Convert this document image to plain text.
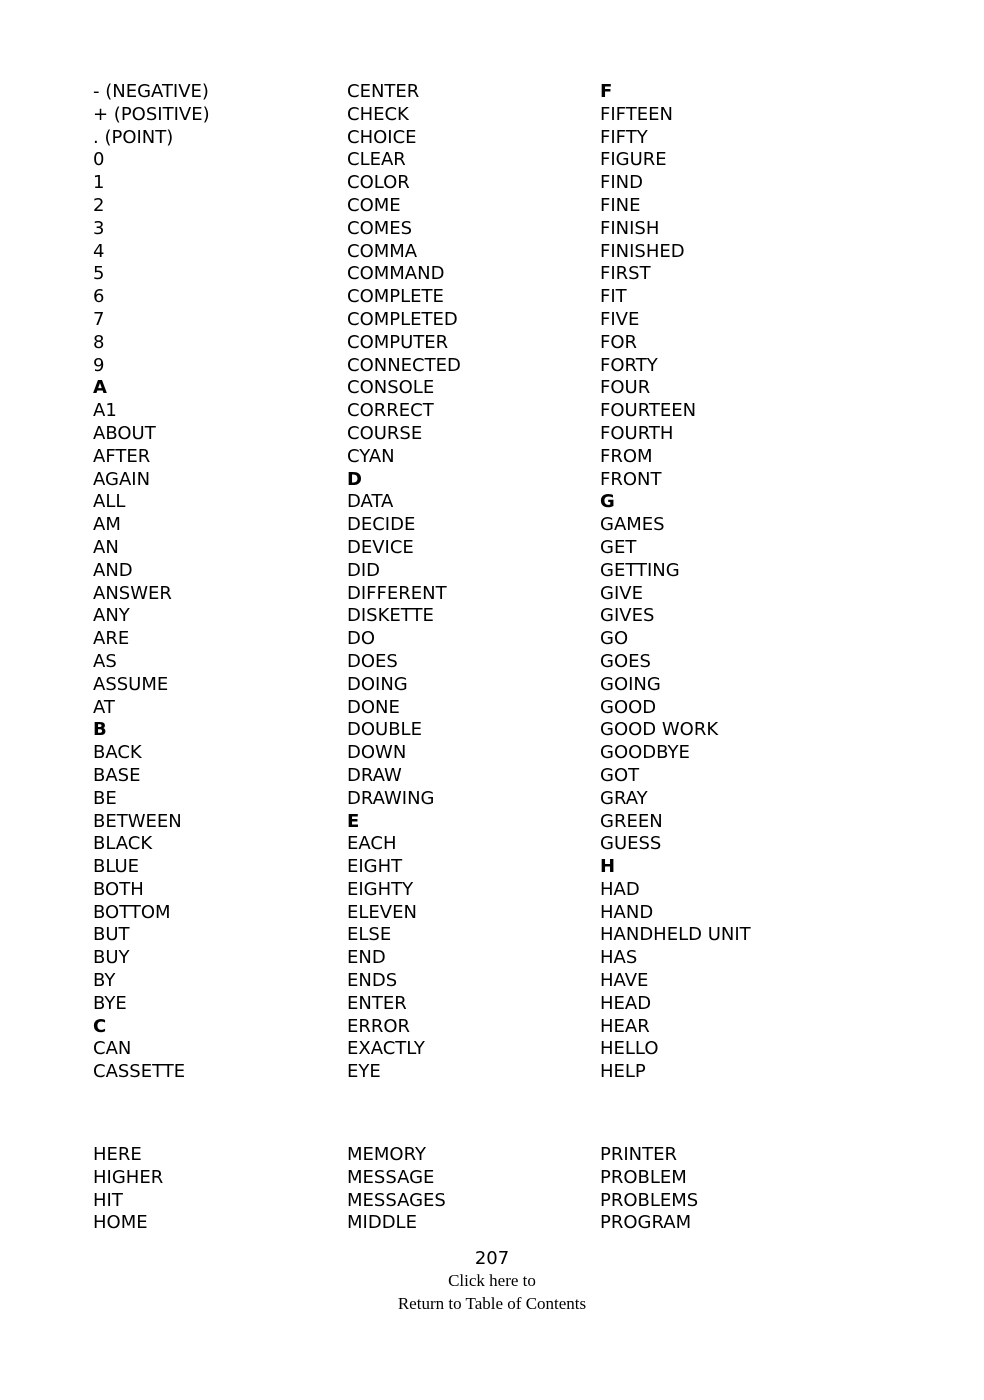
- (NEGATIVE)
+ (POSITIVE)
. (POINT)
0
1
2
3
4
5
6
7
8
9
A
A1
ABOUT
AFTER
AGAIN
ALL
AM
AN
AND
ANSWER
ANY
ARE
AS
ASSUME
AT
B
BACK
BASE
BE
BETWEEN
BLACK
BLUE
BOTH
BOTTOM
BUT
BUY
BY
BYE
C
CAN
CASSETTE
CENTER
CHECK
CHOICE
CLEAR
COLOR
COME
COMES
COMMA
COMMAND
COMPLETE
COMPLETED
COMPUTER
CONNECTED
CONSOLE
CORRECT
COURSE
CYAN
D
DATA
DECIDE
DEVICE
DID
DIFFERENT
DISKETTE
DO
DOES
DOING
DONE
DOUBLE
DOWN
DRAW
DRAWING
E
EACH
EIGHT
EIGHTY
ELEVEN
ELSE
END
ENDS
ENTER
ERROR
EXACTLY
EYE
F
FIFTEEN
FIFTY
FIGURE
FIND
FINE
FINISH
FINISHED
FIRST
FIT
FIVE
FOR
FORTY
FOUR
FOURTEEN
FOURTH
FROM
FRONT
G
GAMES
GET
GETTING
GIVE
GIVES
GO
GOES
GOING
GOOD
GOOD WORK
GOODBYE
GOT
GRAY
GREEN
GUESS
H
HAD
HAND
HANDHELD UNIT
HAS
HAVE
HEAD
HEAR
HELLO
HELP
HERE
HIGHER
HIT
HOME
MEMORY
MESSAGE
MESSAGES
MIDDLE
PRINTER
PROBLEM
PROBLEMS
PROGRAM
207
Click here to
Return to Table of Contents
